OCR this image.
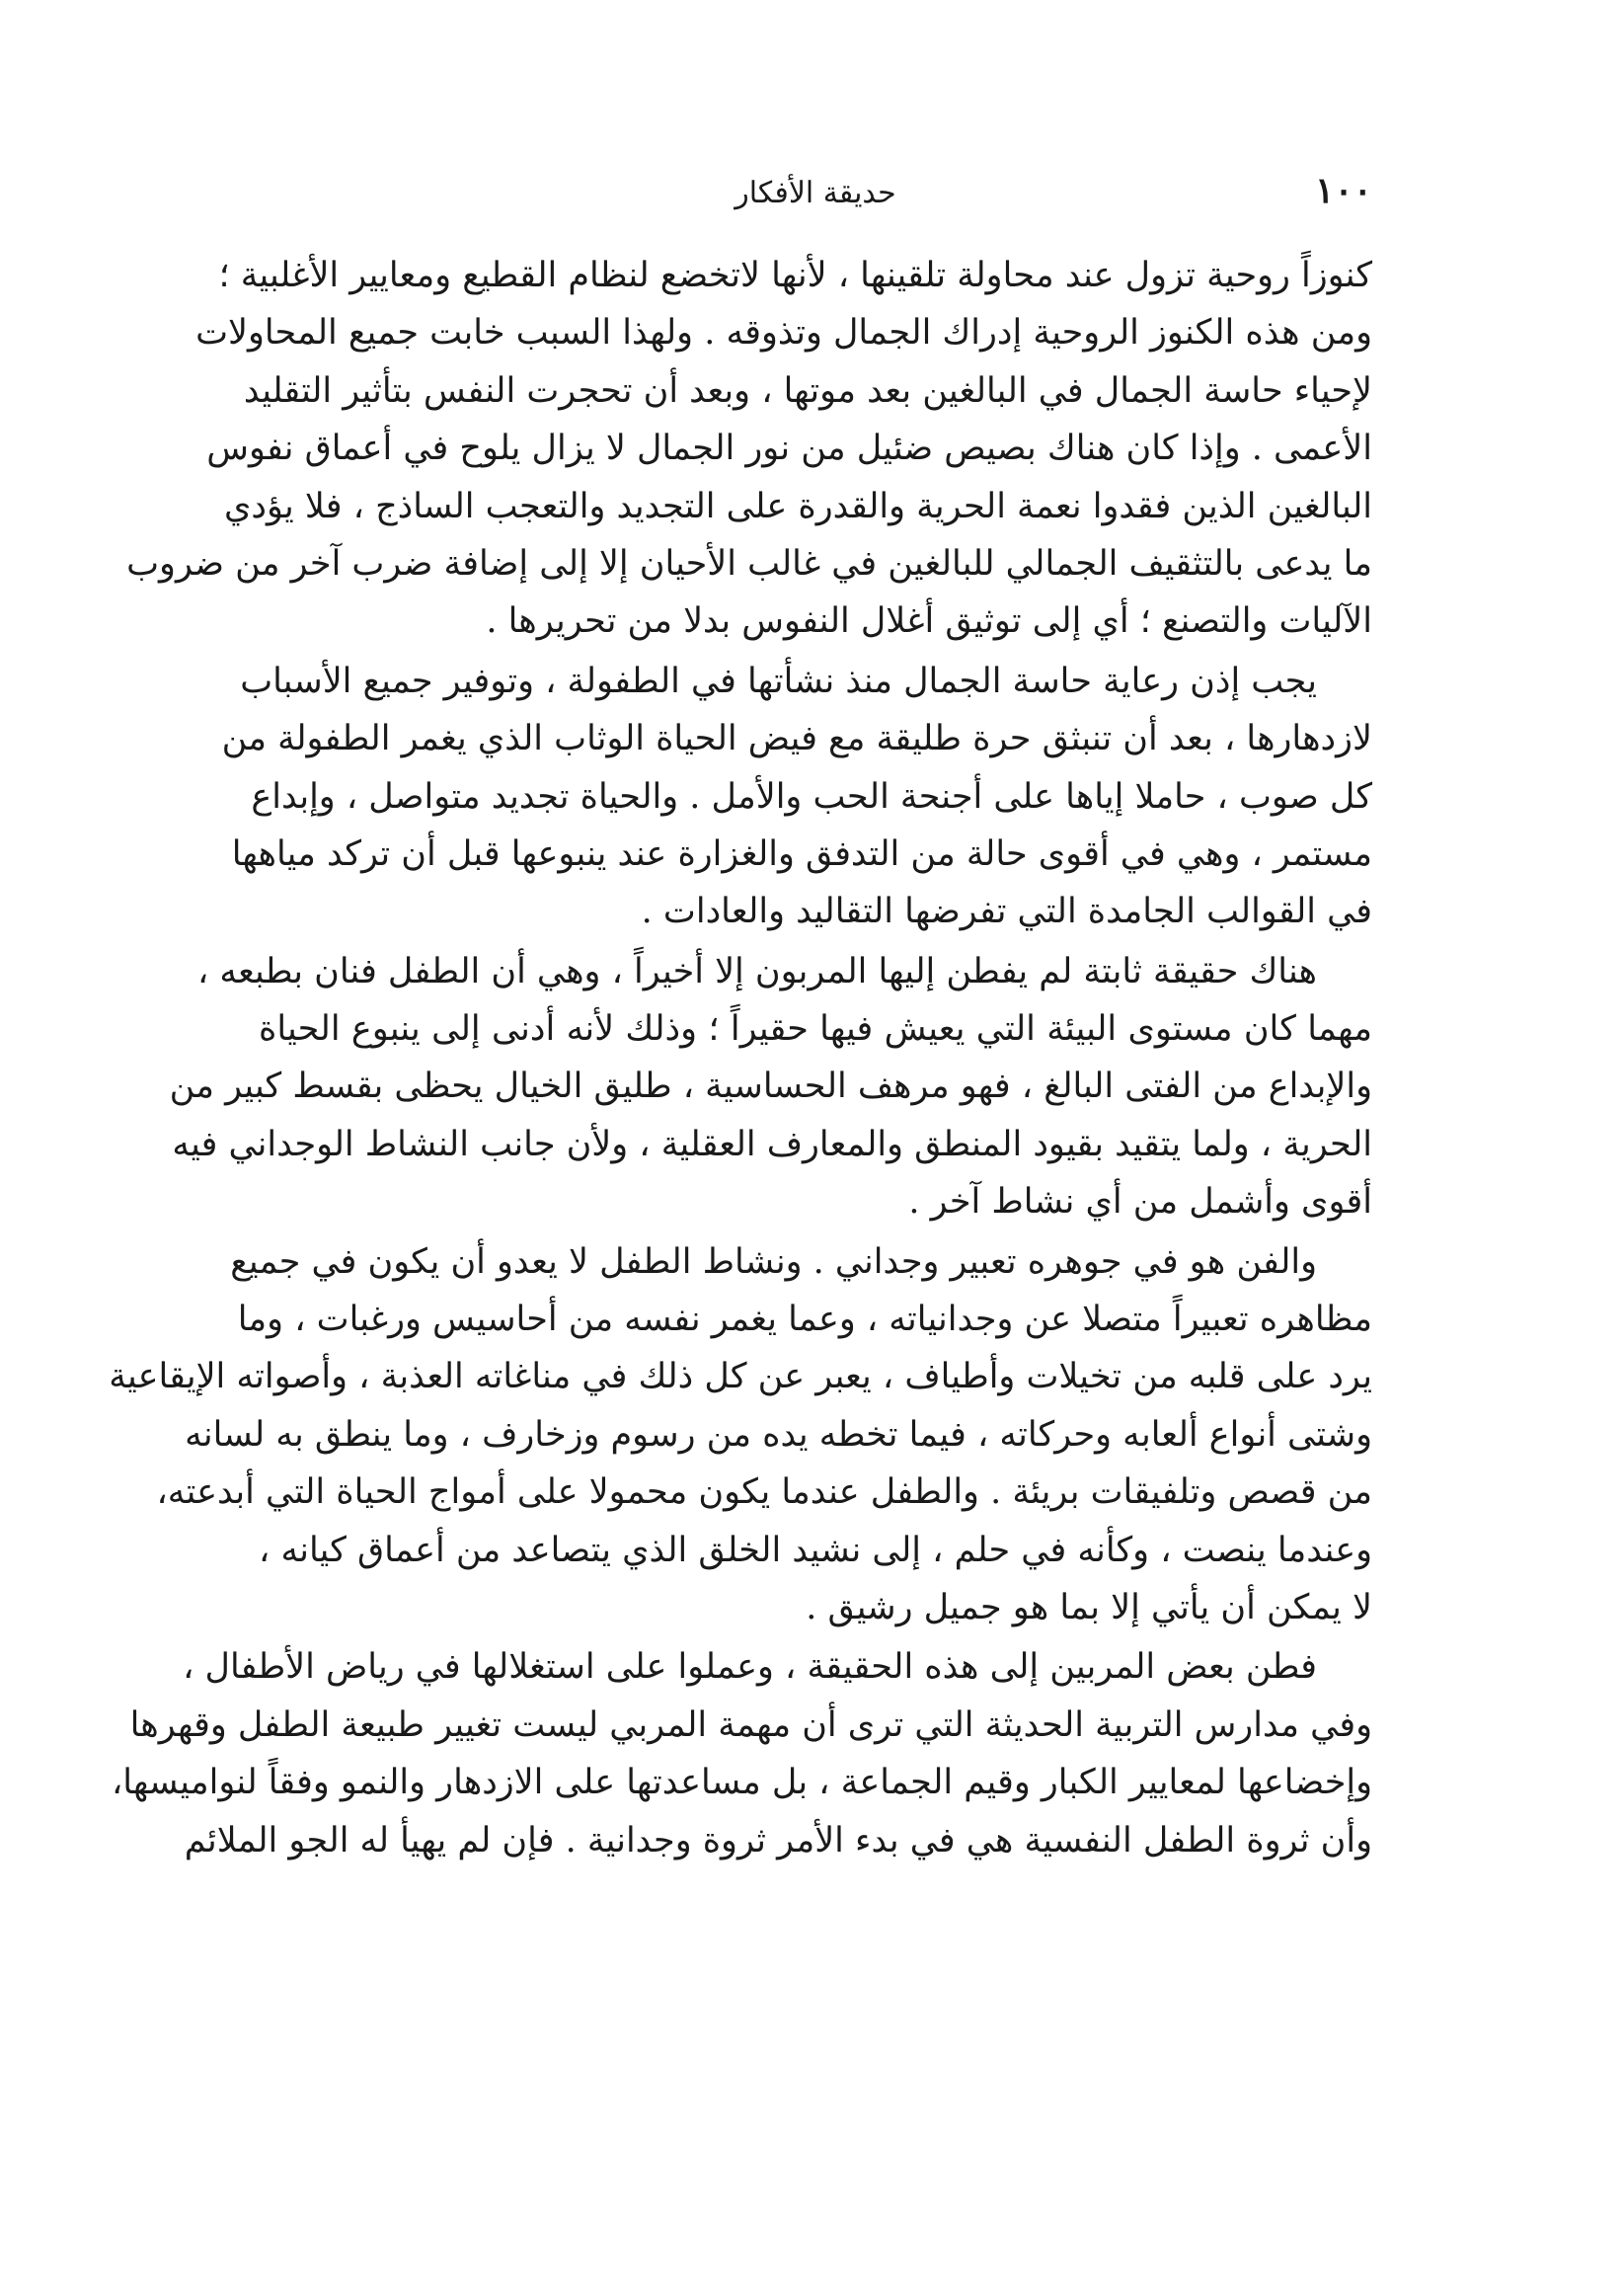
١٠٠
حديقة الأفكار
كنوزاً روحية تزول عند محاولة تلقينها ، لأنها لاتخضع لنظام القطيع ومعايير الأغلبية ؛
ومن هذه الكنوز الروحية إدراك الجمال وتذوقه . ولهذا السبب خابت جميع المحاولات
لإحياء حاسة الجمال في البالغين بعد موتها ، وبعد أن تحجرت النفس بتأثير التقليد
الأعمى . وإذا كان هناك بصيص ضئيل من نور الجمال لا يزال يلوح في أعماق نفوس
البالغين الذين فقدوا نعمة الحرية والقدرة على التجديد والتعجب الساذج ، فلا يؤدي
ما يدعى بالتثقيف الجمالي للبالغين في غالب الأحيان إلا إلى إضافة ضرب آخر من ضروب
الآليات والتصنع ؛ أي إلى توثيق أغلال النفوس بدلا من تحريرها .
يجب إذن رعاية حاسة الجمال منذ نشأتها في الطفولة ، وتوفير جميع الأسباب
لازدهارها ، بعد أن تنبثق حرة طليقة مع فيض الحياة الوثاب الذي يغمر الطفولة من
كل صوب ، حاملا إياها على أجنحة الحب والأمل . والحياة تجديد متواصل ، وإبداع
مستمر ، وهي في أقوى حالة من التدفق والغزارة عند ينبوعها قبل أن تركد مياهها
في القوالب الجامدة التي تفرضها التقاليد والعادات .
هناك حقيقة ثابتة لم يفطن إليها المربون إلا أخيراً ، وهي أن الطفل فنان بطبعه ،
مهما كان مستوى البيئة التي يعيش فيها حقيراً ؛ وذلك لأنه أدنى إلى ينبوع الحياة
والإبداع من الفتى البالغ ، فهو مرهف الحساسية ، طليق الخيال يحظى بقسط كبير من
الحرية ، ولما يتقيد بقيود المنطق والمعارف العقلية ، ولأن جانب النشاط الوجداني فيه
أقوى وأشمل من أي نشاط آخر .
والفن هو في جوهره تعبير وجداني . ونشاط الطفل لا يعدو أن يكون في جميع
مظاهره تعبيراً متصلا عن وجدانياته ، وعما يغمر نفسه من أحاسيس ورغبات ، وما
يرد على قلبه من تخيلات وأطياف ، يعبر عن كل ذلك في مناغاته العذبة ، وأصواته الإيقاعية
وشتى أنواع ألعابه وحركاته ، فيما تخطه يده من رسوم وزخارف ، وما ينطق به لسانه
من قصص وتلفيقات بريئة . والطفل عندما يكون محمولا على أمواج الحياة التي أبدعته،
وعندما ينصت ، وكأنه في حلم ، إلى نشيد الخلق الذي يتصاعد من أعماق كيانه ،
لا يمكن أن يأتي إلا بما هو جميل رشيق .
فطن بعض المربين إلى هذه الحقيقة ، وعملوا على استغلالها في رياض الأطفال ،
وفي مدارس التربية الحديثة التي ترى أن مهمة المربي ليست تغيير طبيعة الطفل وقهرها
وإخضاعها لمعايير الكبار وقيم الجماعة ، بل مساعدتها على الازدهار والنمو وفقاً لنواميسها،
وأن ثروة الطفل النفسية هي في بدء الأمر ثروة وجدانية . فإن لم يهيأ له الجو الملائم
